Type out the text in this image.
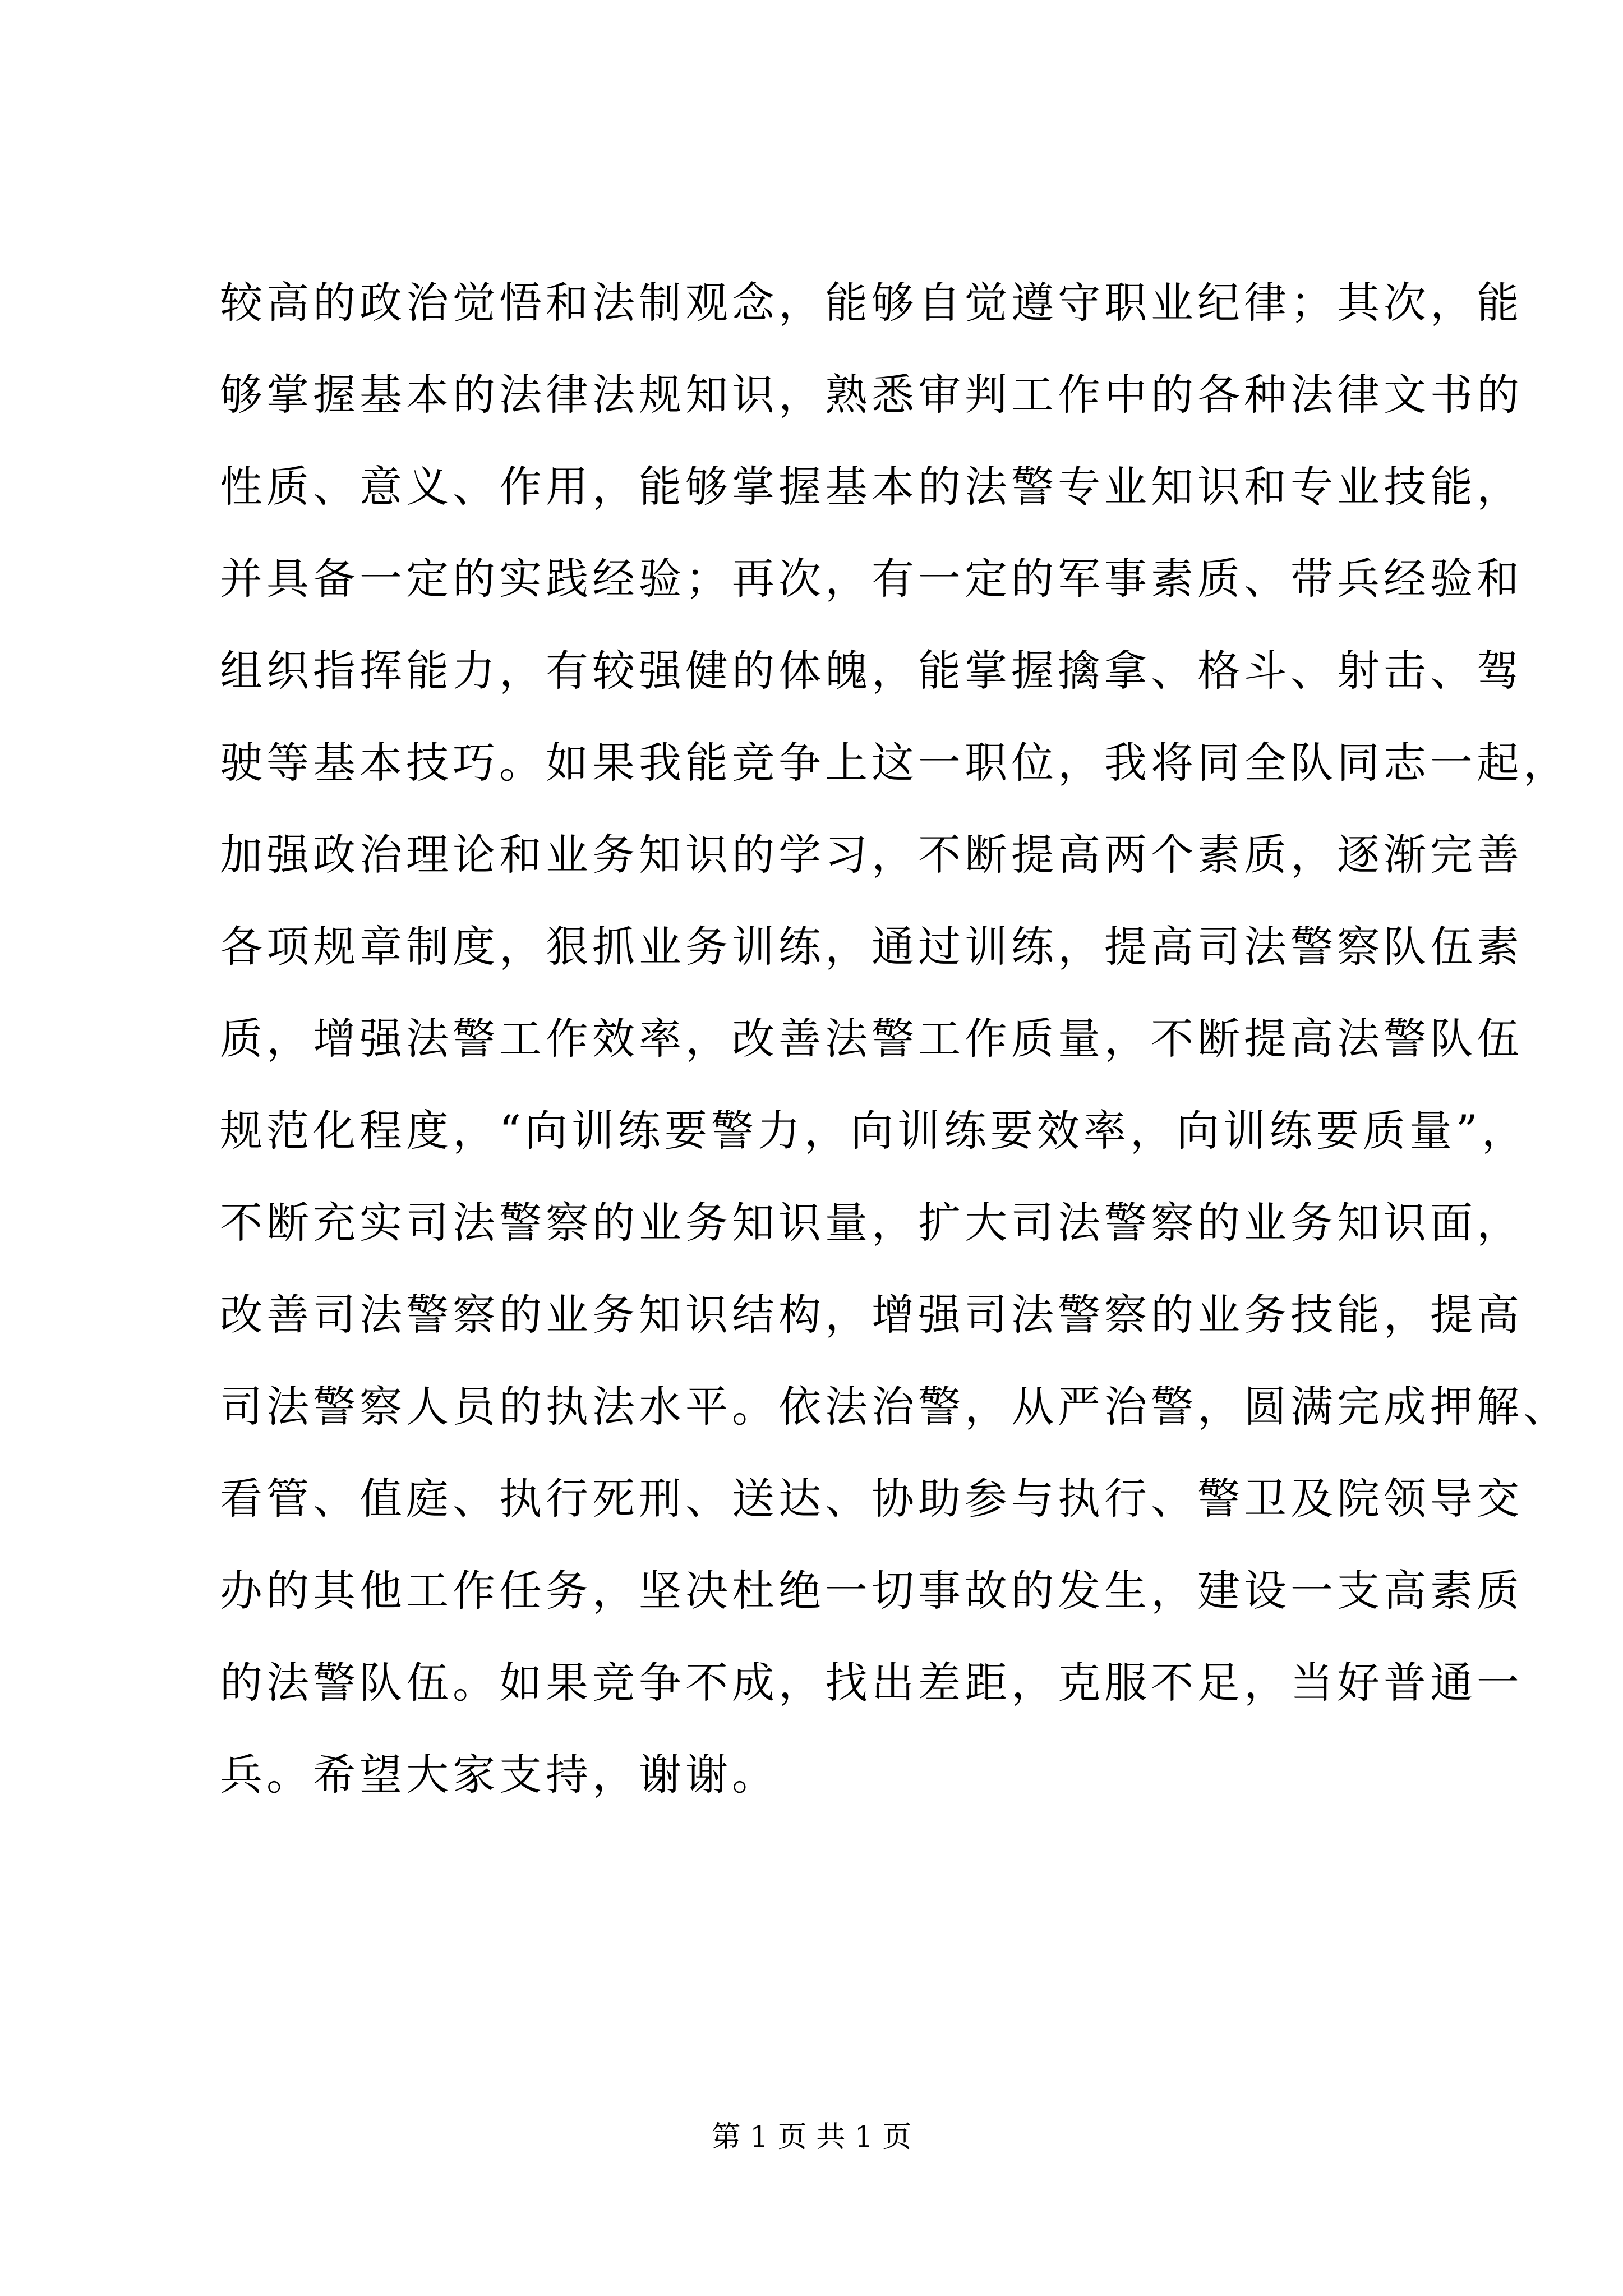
较高的政治觉悟和法制观念，能够自觉遵守职业纪律；其次，能
够掌握基本的法律法规知识，熟悉审判工作中的各种法律文书的
性质、意义、作用，能够掌握基本的法警专业知识和专业技能，
并具备一定的实践经验；再次，有一定的军事素质、带兵经验和
组织指挥能力，有较强健的体魄，能掌握擒拿、格斗、射击、驾
驶等基本技巧。如果我能竞争上这一职位，我将同全队同志一起，
加强政治理论和业务知识的学习，不断提高两个素质，逐渐完善
各项规章制度，狠抓业务训练，通过训练，提高司法警察队伍素
质，增强法警工作效率，改善法警工作质量，不断提高法警队伍
规范化程度，“向训练要警力，向训练要效率，向训练要质量”，
不断充实司法警察的业务知识量，扩大司法警察的业务知识面，
改善司法警察的业务知识结构，增强司法警察的业务技能，提高
司法警察人员的执法水平。依法治警，从严治警，圆满完成押解、
看管、值庭、执行死刑、送达、协助参与执行、警卫及院领导交
办的其他工作任务，坚决杜绝一切事故的发生，建设一支高素质
的法警队伍。如果竞争不成，找出差距，克服不足，当好普通一
兵。希望大家支持，谢谢。
第 1 页 共 1 页
